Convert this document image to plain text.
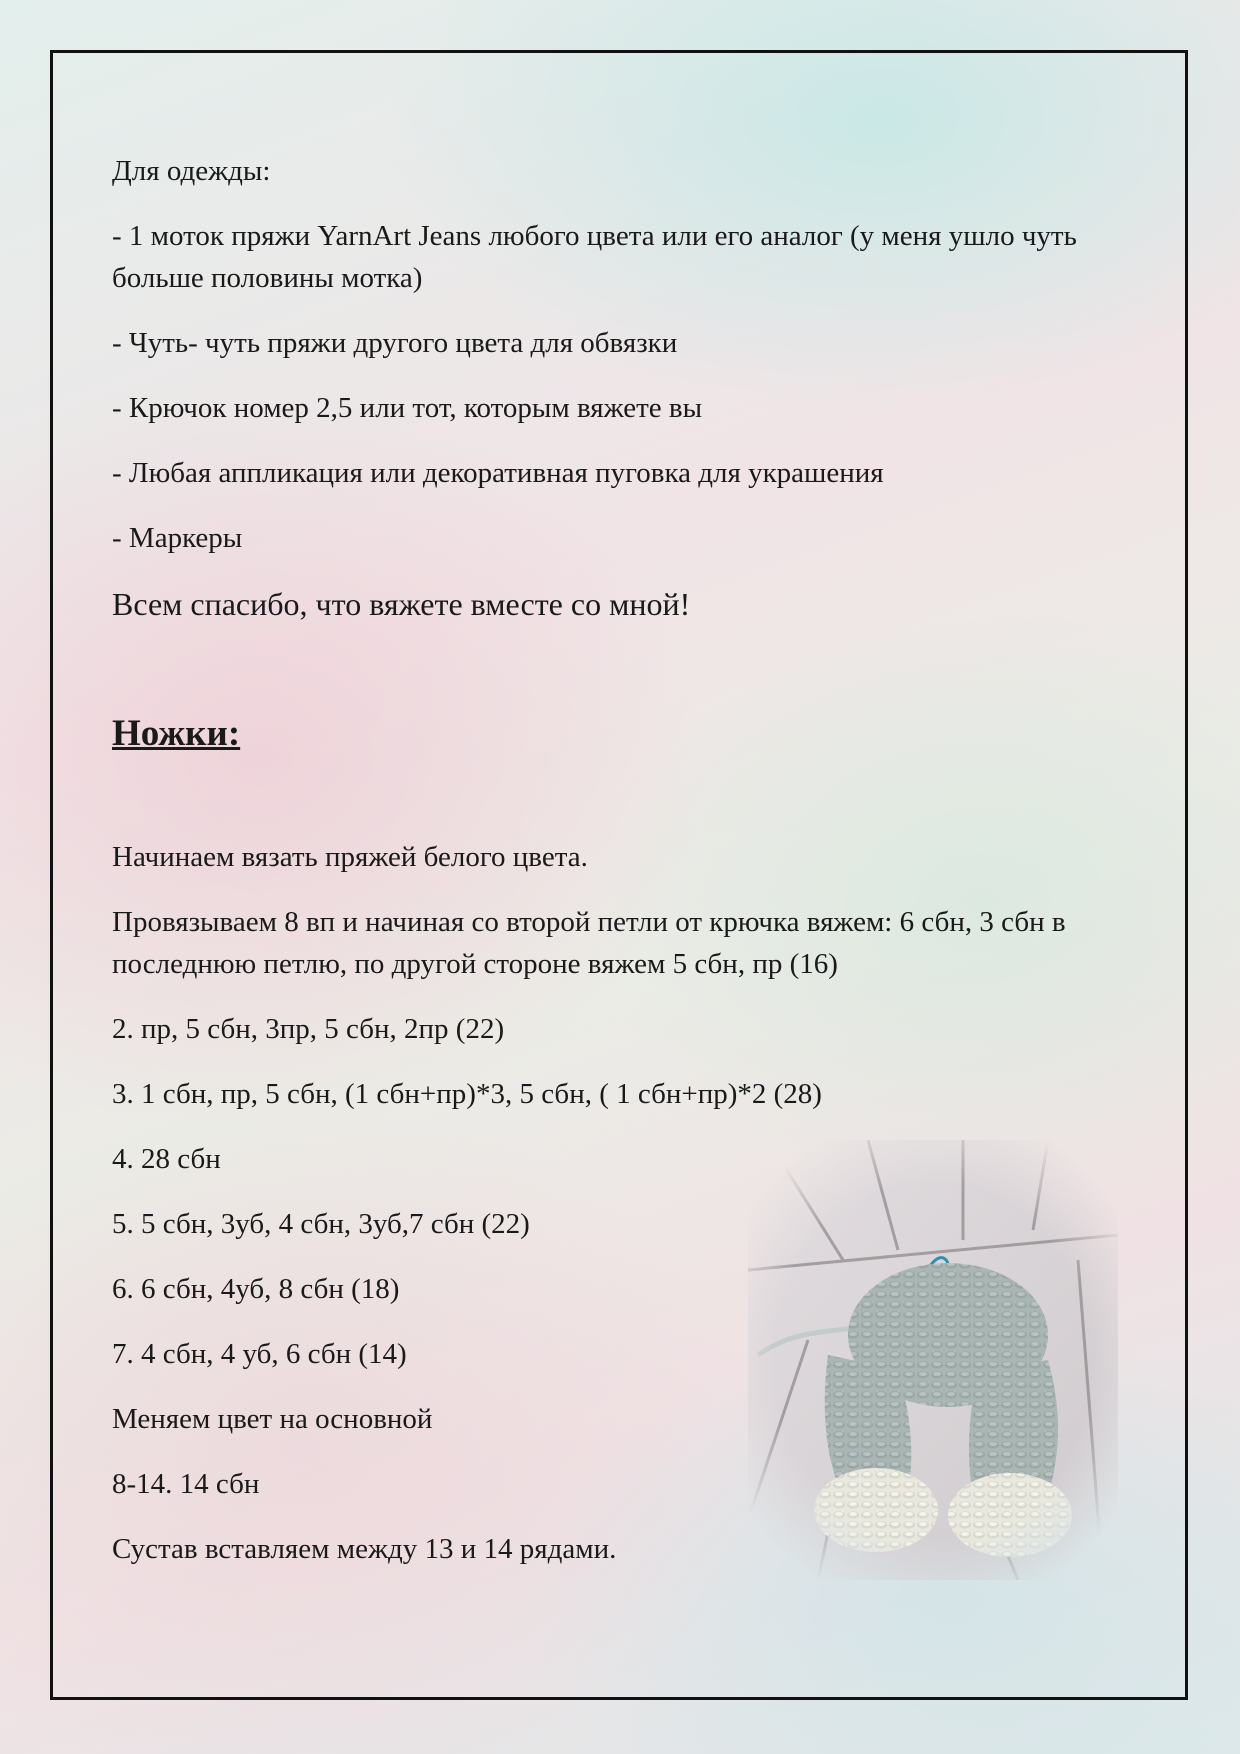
Для одежды:

- 1 моток пряжи YarnArt Jeans любого цвета или его аналог (у меня ушло чуть больше половины мотка)

- Чуть- чуть пряжи другого цвета для обвязки

- Крючок номер 2,5 или тот, которым вяжете вы

- Любая аппликация или декоративная пуговка для украшения

- Маркеры

Всем спасибо, что вяжете вместе со мной!

Ножки:

Начинаем вязать пряжей белого цвета.

Провязываем 8 вп и начиная со второй петли от крючка вяжем: 6 сбн, 3 сбн в последнюю петлю, по другой стороне вяжем 5 сбн, пр (16)

2. пр, 5 сбн, 3пр, 5 сбн, 2пр (22)

3. 1 сбн, пр, 5 сбн, (1 сбн+пр)*3, 5 сбн, ( 1 сбн+пр)*2 (28)

4. 28 сбн

5. 5 сбн, 3уб, 4 сбн, 3уб,7 сбн (22)

6. 6 сбн, 4уб, 8 сбн (18)

7. 4 сбн, 4 уб, 6 сбн (14)

Меняем цвет на основной

8-14. 14 сбн

Сустав вставляем между 13 и 14 рядами.
